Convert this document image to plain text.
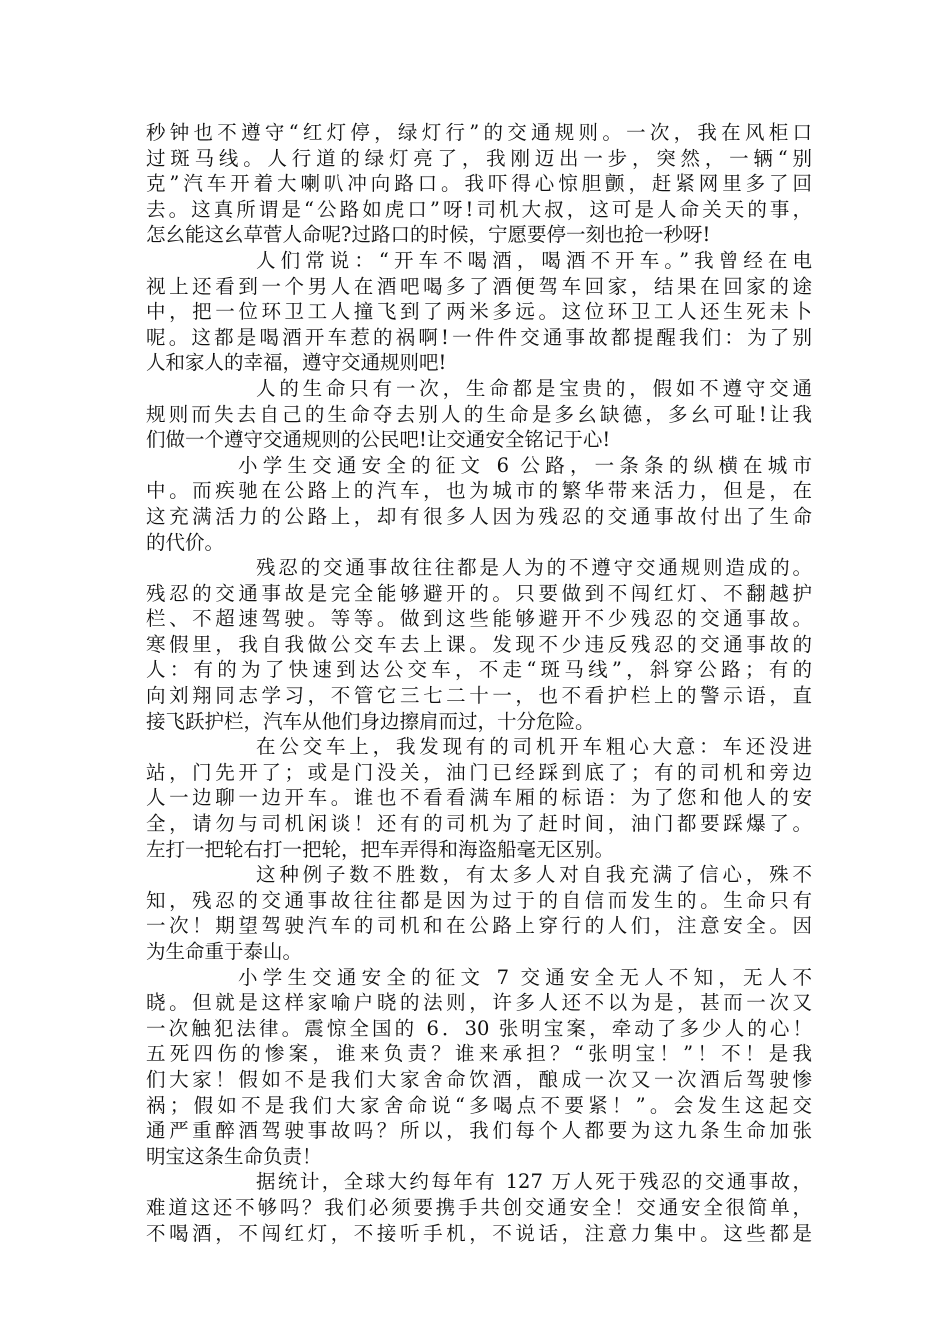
秒钟也不遵守“红灯停，绿灯行”的交通规则。一次，我在风柜口
过斑马线。人行道的绿灯亮了，我刚迈出一步，突然，一辆“别
克”汽车开着大喇叭冲向路口。我吓得心惊胆颤，赶紧网里多了回
去。这真所谓是“公路如虎口”呀!司机大叔，这可是人命关天的事，
怎幺能这幺草菅人命呢?过路口的时候，宁愿要停一刻也抢一秒呀!
人们常说：“开车不喝酒，喝酒不开车。”我曾经在电
视上还看到一个男人在酒吧喝多了酒便驾车回家，结果在回家的途
中，把一位环卫工人撞飞到了两米多远。这位环卫工人还生死未卜
呢。这都是喝酒开车惹的祸啊!一件件交通事故都提醒我们：为了别
人和家人的幸福，遵守交通规则吧!
人的生命只有一次，生命都是宝贵的，假如不遵守交通
规则而失去自己的生命夺去别人的生命是多幺缺德，多幺可耻!让我
们做一个遵守交通规则的公民吧!让交通安全铭记于心!
小学生交通安全的征文 6 公路，一条条的纵横在城市
中。而疾驰在公路上的汽车，也为城市的繁华带来活力，但是，在
这充满活力的公路上，却有很多人因为残忍的交通事故付出了生命
的代价。
残忍的交通事故往往都是人为的不遵守交通规则造成的。
残忍的交通事故是完全能够避开的。只要做到不闯红灯、不翻越护
栏、不超速驾驶。等等。做到这些能够避开不少残忍的交通事故。
寒假里，我自我做公交车去上课。发现不少违反残忍的交通事故的
人：有的为了快速到达公交车，不走“斑马线”，斜穿公路；有的
向刘翔同志学习，不管它三七二十一，也不看护栏上的警示语，直
接飞跃护栏，汽车从他们身边擦肩而过，十分危险。
在公交车上，我发现有的司机开车粗心大意：车还没进
站，门先开了；或是门没关，油门已经踩到底了；有的司机和旁边
人一边聊一边开车。谁也不看看满车厢的标语：为了您和他人的安
全，请勿与司机闲谈！还有的司机为了赶时间，油门都要踩爆了。
左打一把轮右打一把轮，把车弄得和海盗船毫无区别。
这种例子数不胜数，有太多人对自我充满了信心，殊不
知，残忍的交通事故往往都是因为过于的自信而发生的。生命只有
一次！期望驾驶汽车的司机和在公路上穿行的人们，注意安全。因
为生命重于泰山。
小学生交通安全的征文 7 交通安全无人不知，无人不
晓。但就是这样家喻户晓的法则，许多人还不以为是，甚而一次又
一次触犯法律。震惊全国的 6．30 张明宝案，牵动了多少人的心！
五死四伤的惨案，谁来负责？谁来承担？“张明宝！”！不！是我
们大家！假如不是我们大家舍命饮酒，酿成一次又一次酒后驾驶惨
祸；假如不是我们大家舍命说“多喝点不要紧！”。会发生这起交
通严重醉酒驾驶事故吗？所以，我们每个人都要为这九条生命加张
明宝这条生命负责！
据统计，全球大约每年有 127 万人死于残忍的交通事故，
难道这还不够吗？我们必须要携手共创交通安全！交通安全很简单，
不喝酒，不闯红灯，不接听手机，不说话，注意力集中。这些都是
